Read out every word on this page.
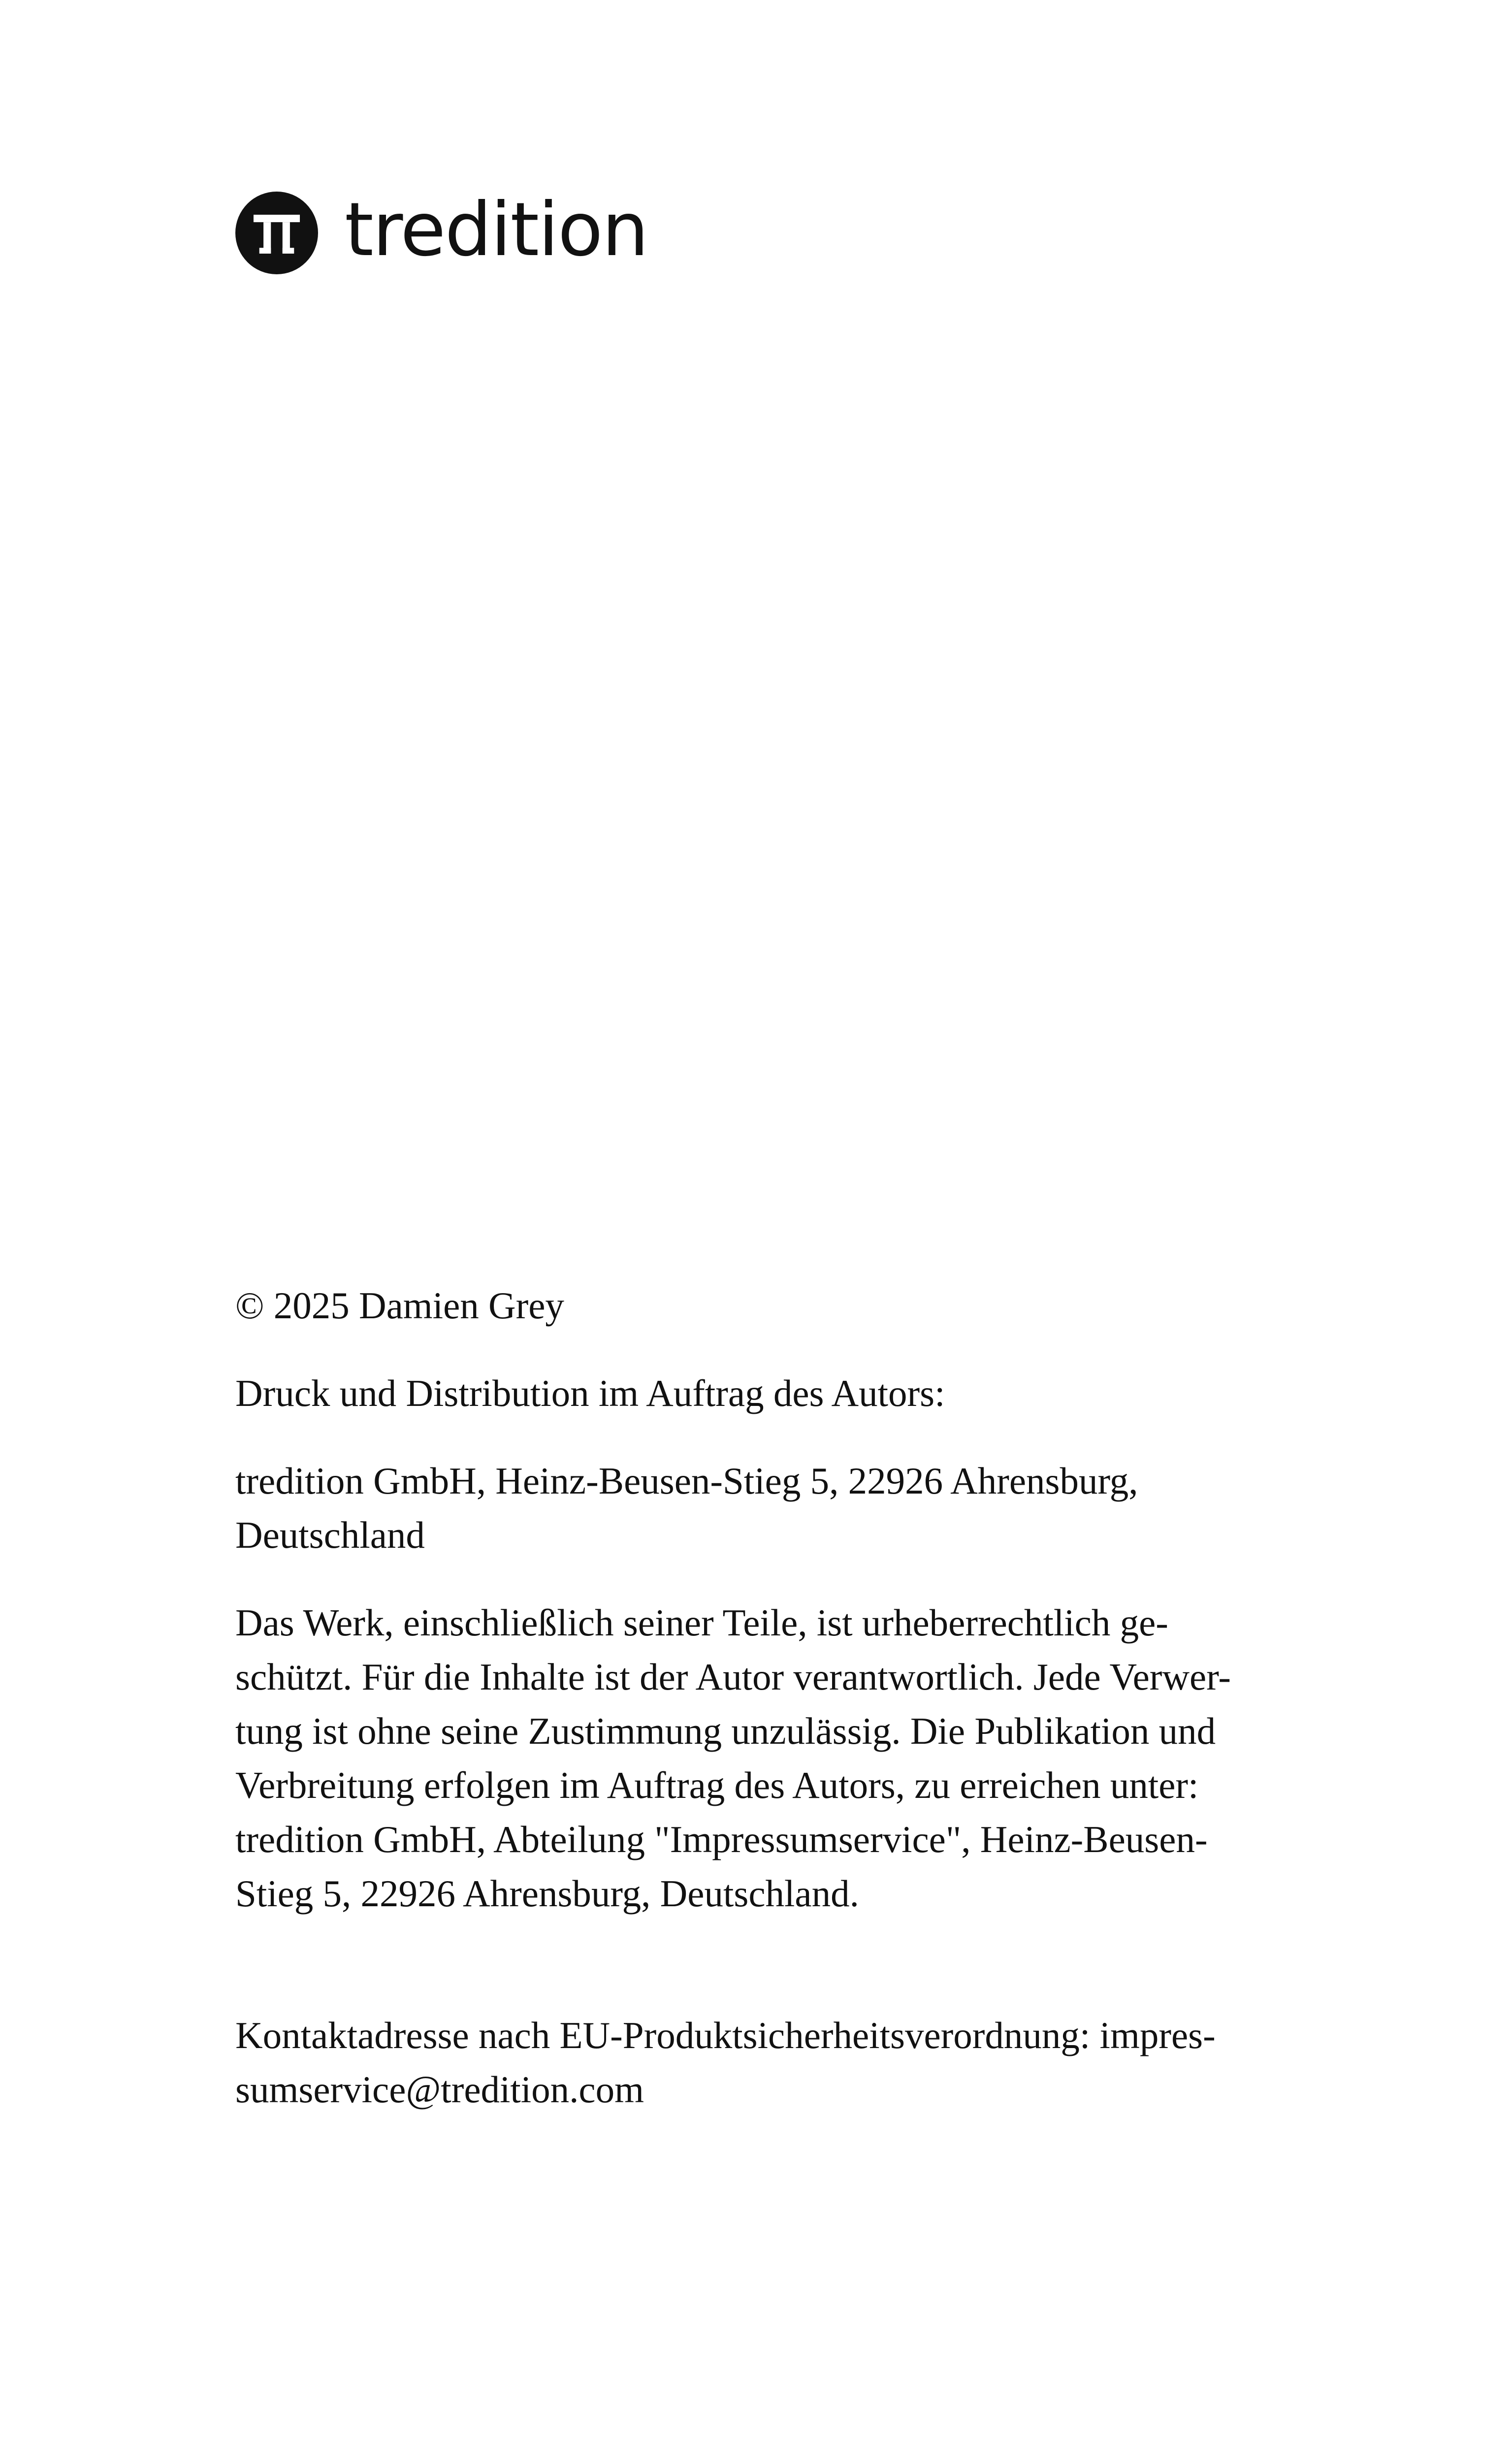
tredition

© 2025 Damien Grey

Druck und Distribution im Auftrag des Autors:

tredition GmbH, Heinz-Beusen-Stieg 5, 22926 Ahrensburg,
Deutschland

Das Werk, einschließlich seiner Teile, ist urheberrechtlich ge-
schützt. Für die Inhalte ist der Autor verantwortlich. Jede Verwer-
tung ist ohne seine Zustimmung unzulässig. Die Publikation und
Verbreitung erfolgen im Auftrag des Autors, zu erreichen unter:
tredition GmbH, Abteilung "Impressumservice", Heinz-Beusen-
Stieg 5, 22926 Ahrensburg, Deutschland.

Kontaktadresse nach EU-Produktsicherheitsverordnung: impres-
sumservice@tredition.com
